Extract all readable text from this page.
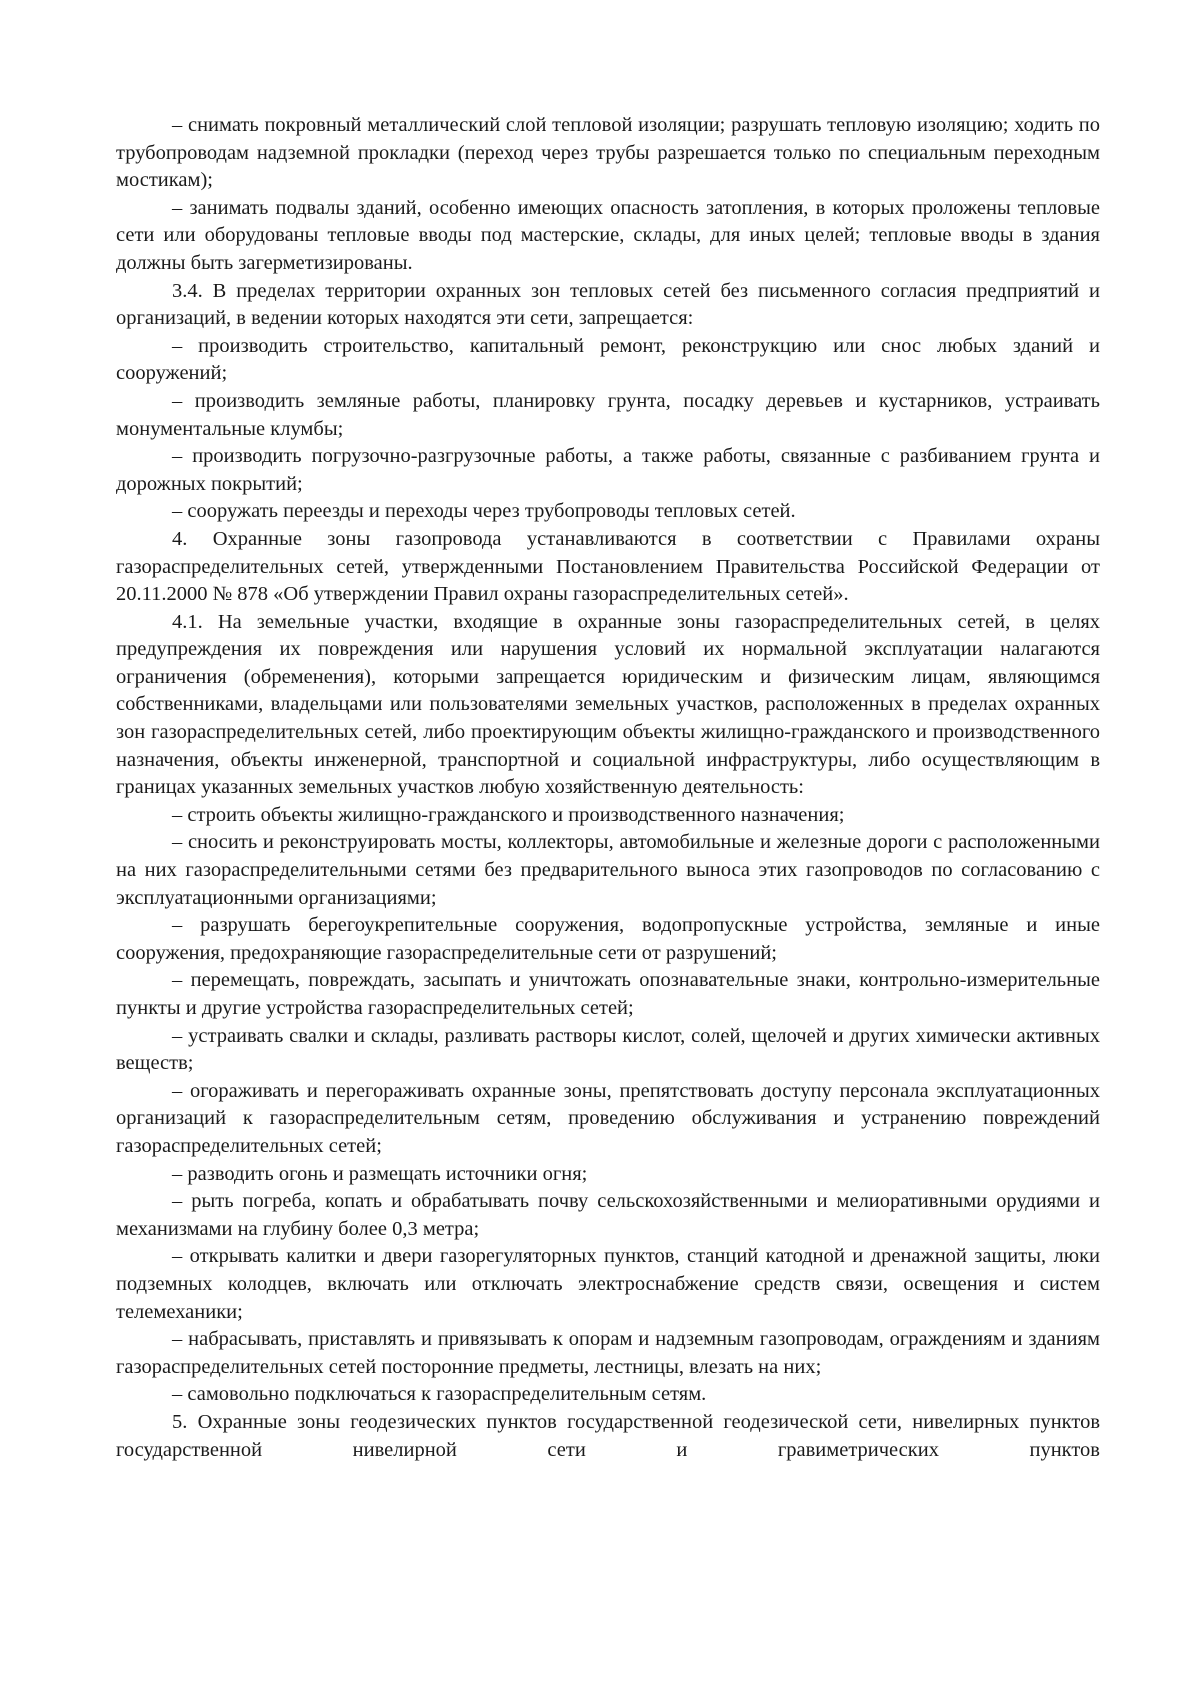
– снимать покровный металлический слой тепловой изоляции; разрушать тепловую изоляцию; ходить по трубопроводам надземной прокладки (переход через трубы разрешается только по специальным переходным мостикам);

– занимать подвалы зданий, особенно имеющих опасность затопления, в которых проложены тепловые сети или оборудованы тепловые вводы под мастерские, склады, для иных целей; тепловые вводы в здания должны быть загерметизированы.

3.4. В пределах территории охранных зон тепловых сетей без письменного согласия предприятий и организаций, в ведении которых находятся эти сети, запрещается:

– производить строительство, капитальный ремонт, реконструкцию или снос любых зданий и сооружений;

– производить земляные работы, планировку грунта, посадку деревьев и кустарников, устраивать монументальные клумбы;

– производить погрузочно-разгрузочные работы, а также работы, связанные с разбиванием грунта и дорожных покрытий;

– сооружать переезды и переходы через трубопроводы тепловых сетей.

4. Охранные зоны газопровода устанавливаются в соответствии с Правилами охраны газораспределительных сетей, утвержденными Постановлением Правительства Российской Федерации от 20.11.2000 № 878 «Об утверждении Правил охраны газораспределительных сетей».

4.1. На земельные участки, входящие в охранные зоны газораспределительных сетей, в целях предупреждения их повреждения или нарушения условий их нормальной эксплуатации налагаются ограничения (обременения), которыми запрещается юридическим и физическим лицам, являющимся собственниками, владельцами или пользователями земельных участков, расположенных в пределах охранных зон газораспределительных сетей, либо проектирующим объекты жилищно-гражданского и производственного назначения, объекты инженерной, транспортной и социальной инфраструктуры, либо осуществляющим в границах указанных земельных участков любую хозяйственную деятельность:

– строить объекты жилищно-гражданского и производственного назначения;

– сносить и реконструировать мосты, коллекторы, автомобильные и железные дороги с расположенными на них газораспределительными сетями без предварительного выноса этих газопроводов по согласованию с эксплуатационными организациями;

– разрушать берегоукрепительные сооружения, водопропускные устройства, земляные и иные сооружения, предохраняющие газораспределительные сети от разрушений;

– перемещать, повреждать, засыпать и уничтожать опознавательные знаки, контрольно-измерительные пункты и другие устройства газораспределительных сетей;

– устраивать свалки и склады, разливать растворы кислот, солей, щелочей и других химически активных веществ;

– огораживать и перегораживать охранные зоны, препятствовать доступу персонала эксплуатационных организаций к газораспределительным сетям, проведению обслуживания и устранению повреждений газораспределительных сетей;

– разводить огонь и размещать источники огня;

– рыть погреба, копать и обрабатывать почву сельскохозяйственными и мелиоративными орудиями и механизмами на глубину более 0,3 метра;

– открывать калитки и двери газорегуляторных пунктов, станций катодной и дренажной защиты, люки подземных колодцев, включать или отключать электроснабжение средств связи, освещения и систем телемеханики;

– набрасывать, приставлять и привязывать к опорам и надземным газопроводам, ограждениям и зданиям газораспределительных сетей посторонние предметы, лестницы, влезать на них;

– самовольно подключаться к газораспределительным сетям.

5. Охранные зоны геодезических пунктов государственной геодезической сети, нивелирных пунктов государственной нивелирной сети и гравиметрических пунктов
